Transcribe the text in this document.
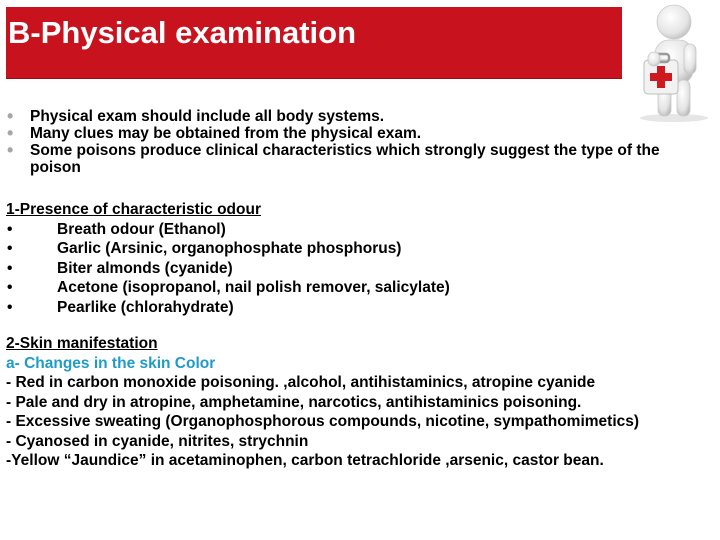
B-Physical examination
• Physical exam should include all body systems.
• Many clues may be obtained from the physical exam.
• Some poisons produce clinical characteristics which strongly suggest the type of the poison
1-Presence of characteristic odour
•	Breath odour (Ethanol)
•	Garlic (Arsinic, organophosphate phosphorus)
•	Biter almonds (cyanide)
•	Acetone (isopropanol, nail polish remover, salicylate)
•	Pearlike (chlorahydrate)
2-Skin manifestation
a- Changes in the skin Color
- Red in carbon monoxide poisoning. ,alcohol, antihistaminics, atropine cyanide
- Pale and dry in atropine, amphetamine, narcotics, antihistaminics poisoning.
- Excessive sweating (Organophosphorous compounds, nicotine, sympathomimetics)
- Cyanosed in cyanide, nitrites, strychnin
-Yellow “Jaundice” in acetaminophen, carbon tetrachloride ,arsenic, castor bean.
